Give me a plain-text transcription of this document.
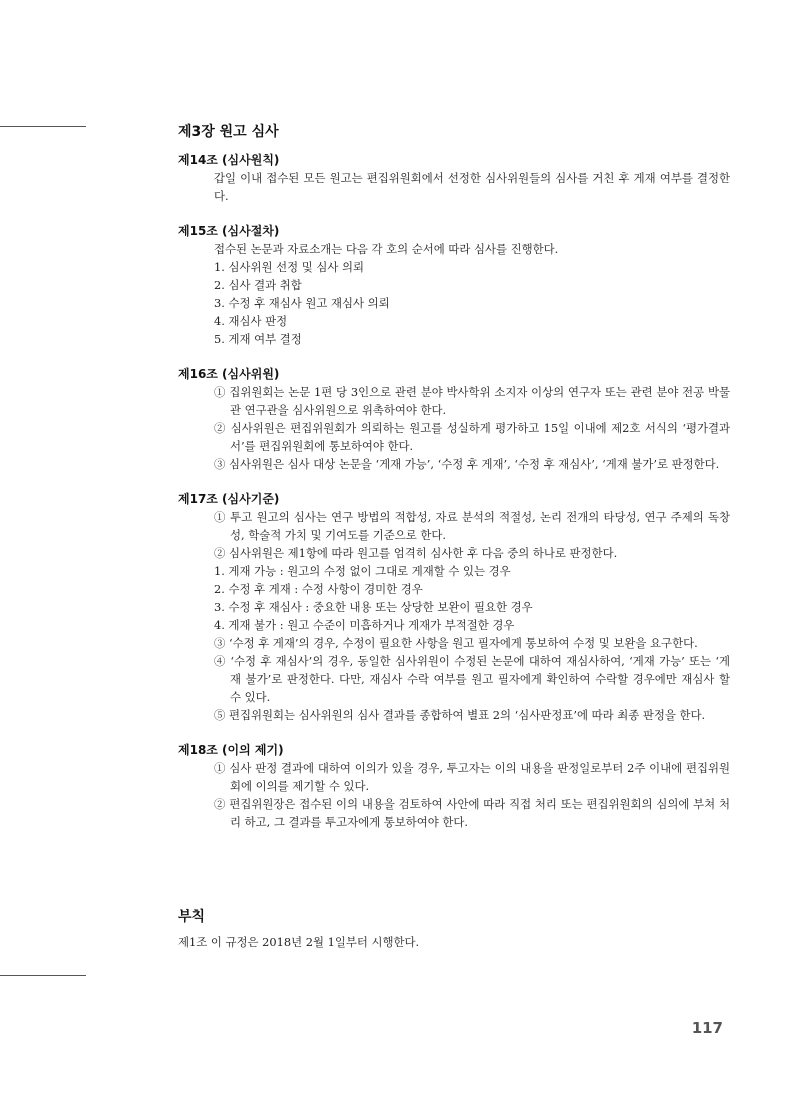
제3장 원고 심사
제14조 (심사원칙)
갑일 이내 접수된 모든 원고는 편집위원회에서 선정한 심사위원들의 심사를 거친 후 게재 여부를 결정한다.
제15조 (심사절차)
접수된 논문과 자료소개는 다음 각 호의 순서에 따라 심사를 진행한다.
1. 심사위원 선정 및 심사 의뢰
2. 심사 결과 취합
3. 수정 후 재심사 원고 재심사 의뢰
4. 재심사 판정
5. 게재 여부 결정
제16조 (심사위원)
① 집위원회는 논문 1편 당 3인으로 관련 분야 박사학위 소지자 이상의 연구자 또는 관련 분야 전공 박물관 연구관을 심사위원으로 위촉하여야 한다.
② 심사위원은 편집위원회가 의뢰하는 원고를 성실하게 평가하고 15일 이내에 제2호 서식의 ‘평가결과서’를 편집위원회에 통보하여야 한다.
③ 심사위원은 심사 대상 논문을 ‘게재 가능’, ‘수정 후 게재’, ‘수정 후 재심사’, ‘게재 불가’로 판정한다.
제17조 (심사기준)
① 투고 원고의 심사는 연구 방법의 적합성, 자료 분석의 적절성, 논리 전개의 타당성, 연구 주제의 독창성, 학술적 가치 및 기여도를 기준으로 한다.
② 심사위원은 제1항에 따라 원고를 엄격히 심사한 후 다음 중의 하나로 판정한다.
1. 게재 가능 : 원고의 수정 없이 그대로 게재할 수 있는 경우
2. 수정 후 게재 : 수정 사항이 경미한 경우
3. 수정 후 재심사 : 중요한 내용 또는 상당한 보완이 필요한 경우
4. 게재 불가 : 원고 수준이 미흡하거나 게재가 부적절한 경우
③ ‘수정 후 게재’의 경우, 수정이 필요한 사항을 원고 필자에게 통보하여 수정 및 보완을 요구한다.
④ ‘수정 후 재심사’의 경우, 동일한 심사위원이 수정된 논문에 대하여 재심사하여, ‘게재 가능’ 또는 ‘게재 불가’로 판정한다. 다만, 재심사 수락 여부를 원고 필자에게 확인하여 수락할 경우에만 재심사 할 수 있다.
⑤ 편집위원회는 심사위원의 심사 결과를 종합하여 별표 2의 ‘심사판정표’에 따라 최종 판정을 한다.
제18조 (이의 제기)
① 심사 판정 결과에 대하여 이의가 있을 경우, 투고자는 이의 내용을 판정일로부터 2주 이내에 편집위원회에 이의를 제기할 수 있다.
② 편집위원장은 접수된 이의 내용을 검토하여 사안에 따라 직접 처리 또는 편집위원회의 심의에 부쳐 처리 하고, 그 결과를 투고자에게 통보하여야 한다.
부칙
제1조 이 규정은 2018년 2월 1일부터 시행한다.
117
